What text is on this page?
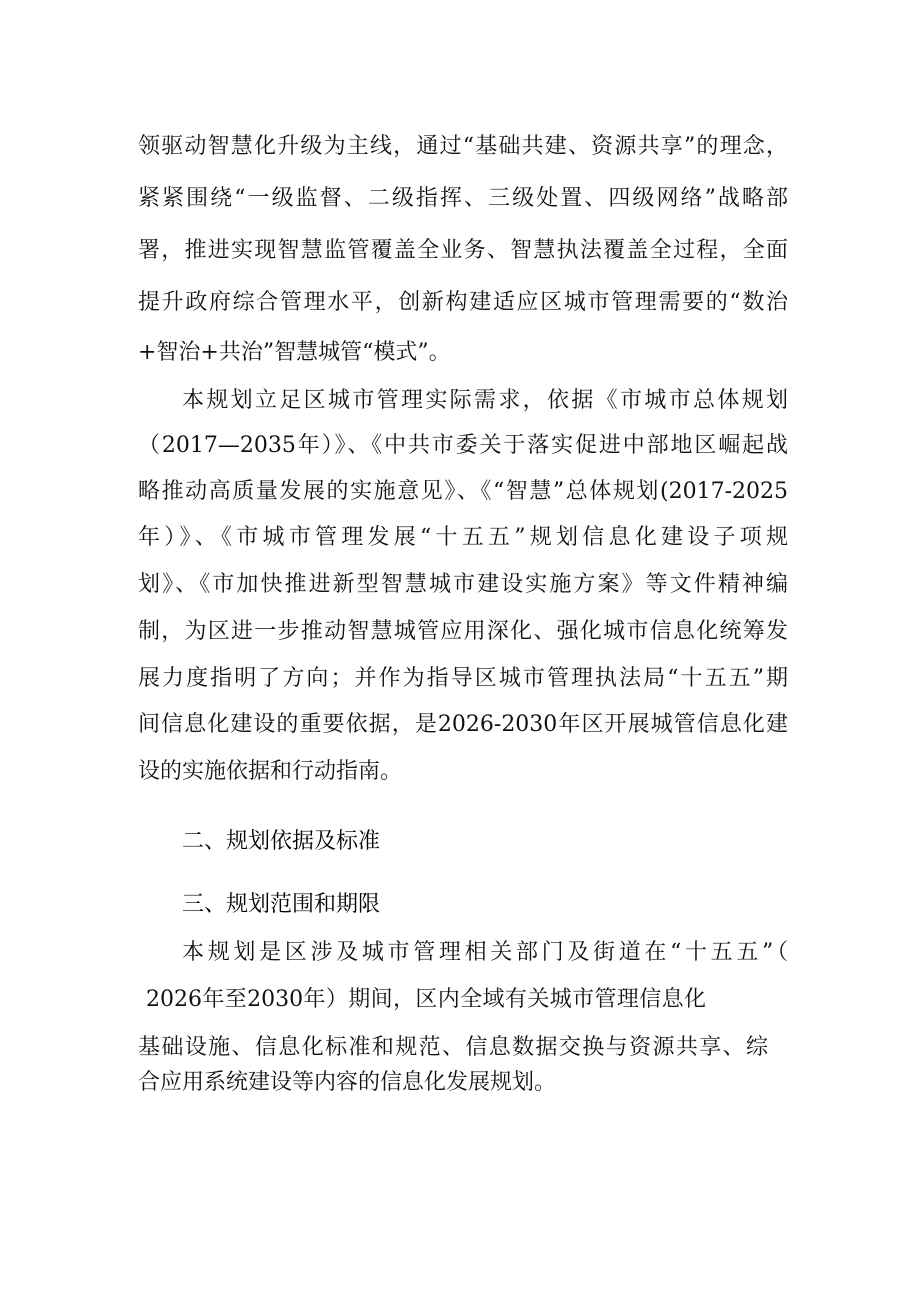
领驱动智慧化升级为主线，通过“基础共建、资源共享”的理念，
紧紧围绕“一级监督、二级指挥、三级处置、四级网络”战略部
署，推进实现智慧监管覆盖全业务、智慧执法覆盖全过程，全面
提升政府综合管理水平，创新构建适应区城市管理需要的“数治
+智治+共治”智慧城管“模式”。
本规划立足区城市管理实际需求，依据《市城市总体规划
（2017—2035年）》、《中共市委关于落实促进中部地区崛起战
略推动高质量发展的实施意见》、《“智慧”总体规划(2017-2025
年）》、《市城市管理发展“十五五”规划信息化建设子项规
划》、《市加快推进新型智慧城市建设实施方案》等文件精神编
制，为区进一步推动智慧城管应用深化、强化城市信息化统筹发
展力度指明了方向；并作为指导区城市管理执法局“十五五”期
间信息化建设的重要依据，是2026-2030年区开展城管信息化建
设的实施依据和行动指南。
二、规划依据及标准
三、规划范围和期限
本规划是区涉及城市管理相关部门及街道在“十五五”（
2026年至2030年）期间，区内全域有关城市管理信息化
基础设施、信息化标准和规范、信息数据交换与资源共享、综
合应用系统建设等内容的信息化发展规划。
